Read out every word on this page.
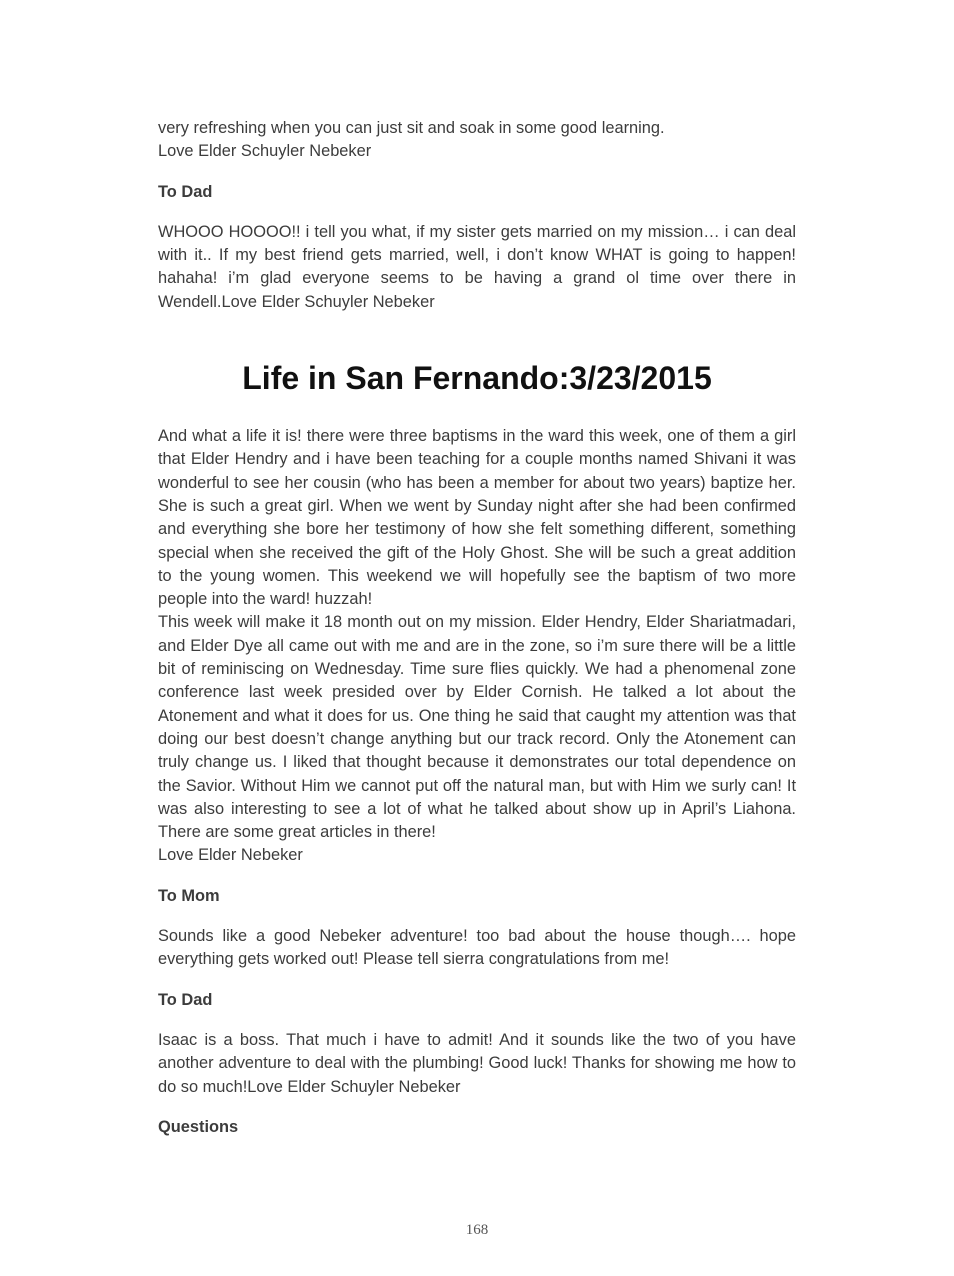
very refreshing when you can just sit and soak in some good learning.

Love Elder Schuyler Nebeker

To Dad

WHOOO HOOOO!! i tell you what, if my sister gets married on my mission… i can deal with it.. If my best friend gets married, well, i don’t know WHAT is going to happen! hahaha! i’m glad everyone seems to be having a grand ol time over there in Wendell.Love Elder Schuyler Nebeker

Life in San Fernando:3/23/2015

And what a life it is! there were three baptisms in the ward this week, one of them a girl that Elder Hendry and i have been teaching for a couple months named Shivani it was wonderful to see her cousin (who has been a member for about two years) baptize her. She is such a great girl. When we went by Sunday night after she had been confirmed and everything she bore her testimony of how she felt something different, something special when she received the gift of the Holy Ghost. She will be such a great addition to the young women. This weekend we will hopefully see the baptism of two more people into the ward! huzzah!

This week will make it 18 month out on my mission. Elder Hendry, Elder Shariatmadari, and Elder Dye all came out with me and are in the zone, so i’m sure there will be a little bit of reminiscing on Wednesday. Time sure flies quickly. We had a phenomenal zone conference last week presided over by Elder Cornish. He talked a lot about the Atonement and what it does for us. One thing he said that caught my attention was that doing our best doesn’t change anything but our track record. Only the Atonement can truly change us. I liked that thought because it demonstrates our total dependence on the Savior. Without Him we cannot put off the natural man, but with Him we surly can! It was also interesting to see a lot of what he talked about show up in April’s Liahona. There are some great articles in there!

Love Elder Nebeker

To Mom

Sounds like a good Nebeker adventure! too bad about the house though…. hope everything gets worked out! Please tell sierra congratulations from me!

To Dad

Isaac is a boss. That much i have to admit! And it sounds like the two of you have another adventure to deal with the plumbing! Good luck! Thanks for showing me how to do so much!Love Elder Schuyler Nebeker

Questions

168
